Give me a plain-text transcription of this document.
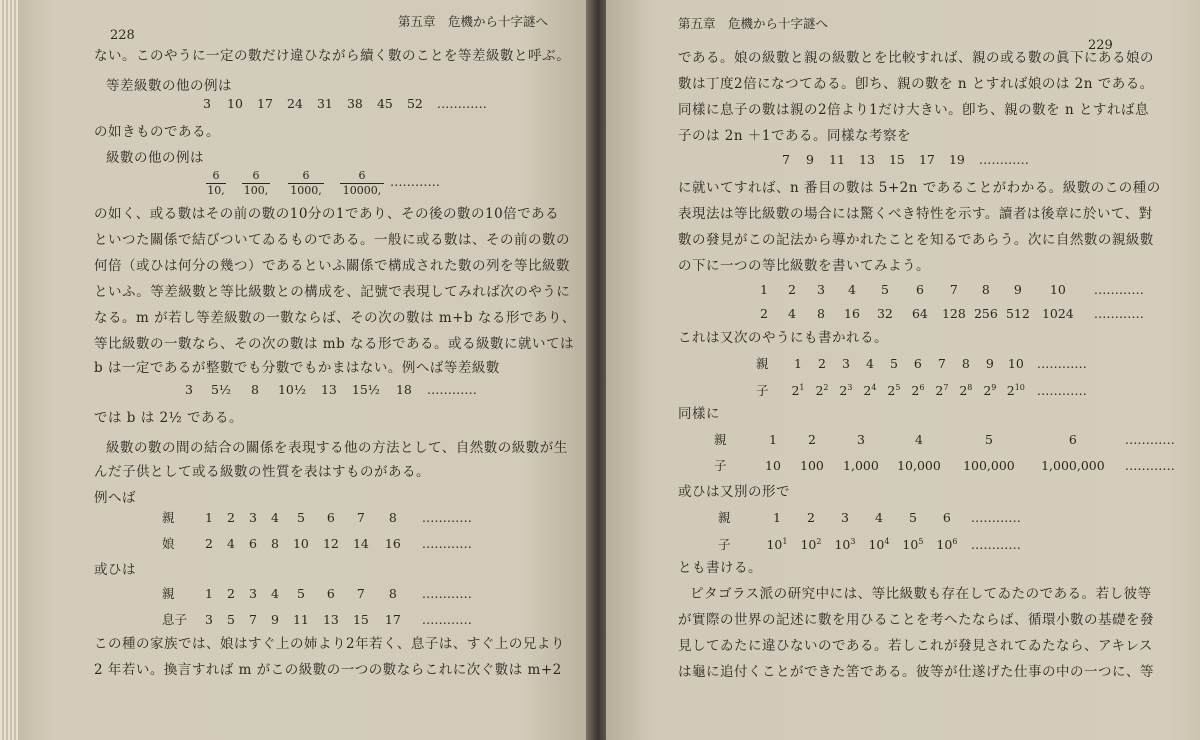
228
第五章　危機から十字謎へ
ない。このやうに一定の數だけ違ひながら續く數のことを等差級數と呼ぶ。
等差級數の他の例は
3 10 17 24 31 38 45 52 …………
の如きものである。
級數の他の例は
6
10,
6
100,
6
1000,
6
10000,
…………
の如く、或る數はその前の數の10分の1であり、その後の數の10倍である
といつた關係で結びついてゐるものである。一般に或る數は、その前の數の
何倍（或ひは何分の幾つ）であるといふ關係で構成された數の列を等比級數
といふ。等差級數と等比級數との構成を、記號で表現してみれば次のやうに
なる。m が若し等差級數の一數ならば、その次の數は m+b なる形であり、
等比級數の一數なら、その次の數は mb なる形である。或る級數に就いては
b は一定であるが整數でも分數でもかまはない。例へば等差級數
3 5½ 8 10½ 13 15½ 18 …………
では b は 2½ である。
級數の數の間の結合の關係を表現する他の方法として、自然數の級數が生
んだ子供として或る級數の性質を表はすものがある。
例へば
親 1 2 3 4 5 6 7 8 …………
娘 2 4 6 8 10 12 14 16 …………
或ひは
親 1 2 3 4 5 6 7 8 …………
息子 3 5 7 9 11 13 15 17 …………
この種の家族では、娘はすぐ上の姉より2年若く、息子は、すぐ上の兄より
2 年若い。換言すれば m がこの級數の一つの數ならこれに次ぐ數は m+2
第五章　危機から十字謎へ
229
である。娘の級數と親の級數とを比較すれば、親の或る數の眞下にある娘の
數は丁度2倍になつてゐる。卽ち、親の數を n とすれば娘のは 2n である。
同樣に息子の數は親の2倍より1だけ大きい。卽ち、親の數を n とすれば息
子のは 2n ＋1である。同樣な考察を
7 9 11 13 15 17 19 …………
に就いてすれば、n 番目の數は 5+2n であることがわかる。級數のこの種の
表現法は等比級數の場合には驚くべき特性を示す。讀者は後章に於いて、對
數の發見がこの記法から導かれたことを知るであらう。次に自然數の親級數
の下に一つの等比級數を書いてみよう。
1 2 3 4 5 6 7 8 9 10 …………
2 4 8 16 32 64 128 256 512 1024 …………
これは又次のやうにも書かれる。
親 1 2 3 4 5 6 7 8 9 10 …………
子 $2^1$ $2^2$ $2^3$ $2^4$ $2^5$ $2^6$ $2^7$ $2^8$ $2^9$ $2^{10}$ …………
同樣に
親	1 2	3	4	5	6	…………
子	10 100 1,000 10,000 100,000 1,000,000 …………
或ひは又別の形で
親	1 2 3 4 5 6 …………
子	$10^1$ $10^2$ $10^3$ $10^4$ $10^5$ $10^6$ …………
とも書ける。
ピタゴラス派の研究中には、等比級數も存在してゐたのである。若し彼等
が實際の世界の記述に數を用ひることを考へたならば、循環小數の基礎を發
見してゐたに違ひないのである。若しこれが發見されてゐたなら、アキレス
は龜に追付くことができた筈である。彼等が仕遂げた仕事の中の一つに、等
